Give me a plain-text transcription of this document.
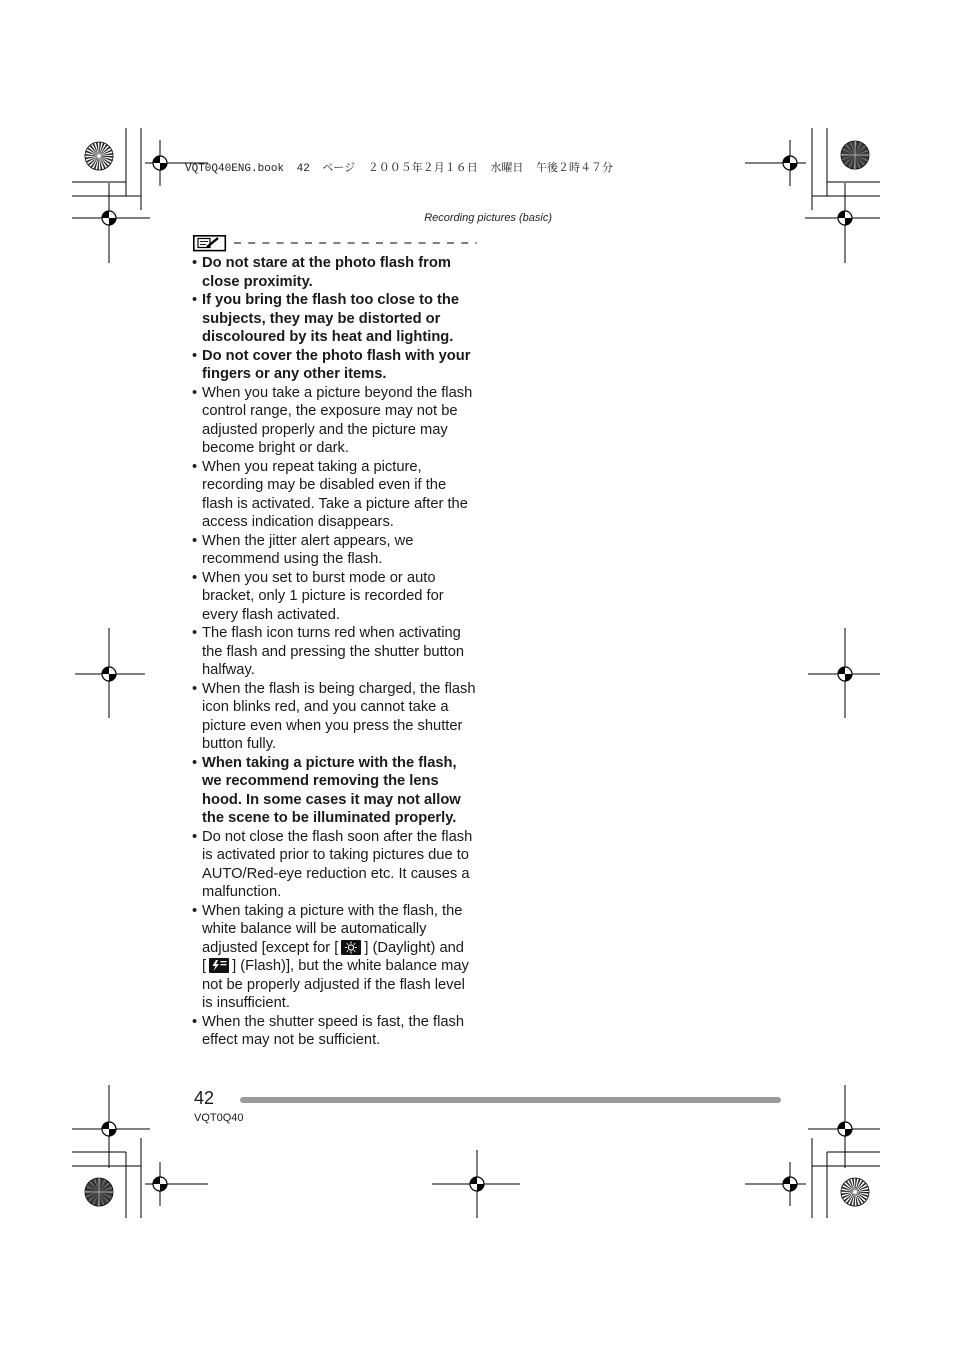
VQT0Q40ENG.book 42 ページ ２００５年２月１６日 水曜日 午後２時４７分
Recording pictures (basic)
• Do not stare at the photo flash from
close proximity.
• If you bring the flash too close to the
subjects, they may be distorted or
discoloured by its heat and lighting.
• Do not cover the photo flash with your
fingers or any other items.
• When you take a picture beyond the flash
control range, the exposure may not be
adjusted properly and the picture may
become bright or dark.
• When you repeat taking a picture,
recording may be disabled even if the
flash is activated. Take a picture after the
access indication disappears.
• When the jitter alert appears, we
recommend using the flash.
• When you set to burst mode or auto
bracket, only 1 picture is recorded for
every flash activated.
• The flash icon turns red when activating
the flash and pressing the shutter button
halfway.
• When the flash is being charged, the flash
icon blinks red, and you cannot take a
picture even when you press the shutter
button fully.
• When taking a picture with the flash,
we recommend removing the lens
hood. In some cases it may not allow
the scene to be illuminated properly.
• Do not close the flash soon after the flash
is activated prior to taking pictures due to
AUTO/Red-eye reduction etc. It causes a
malfunction.
• When taking a picture with the flash, the
white balance will be automatically
adjusted [except for [ ] (Daylight) and
[ ] (Flash)], but the white balance may
not be properly adjusted if the flash level
is insufficient.
• When the shutter speed is fast, the flash
effect may not be sufficient.
42
VQT0Q40
